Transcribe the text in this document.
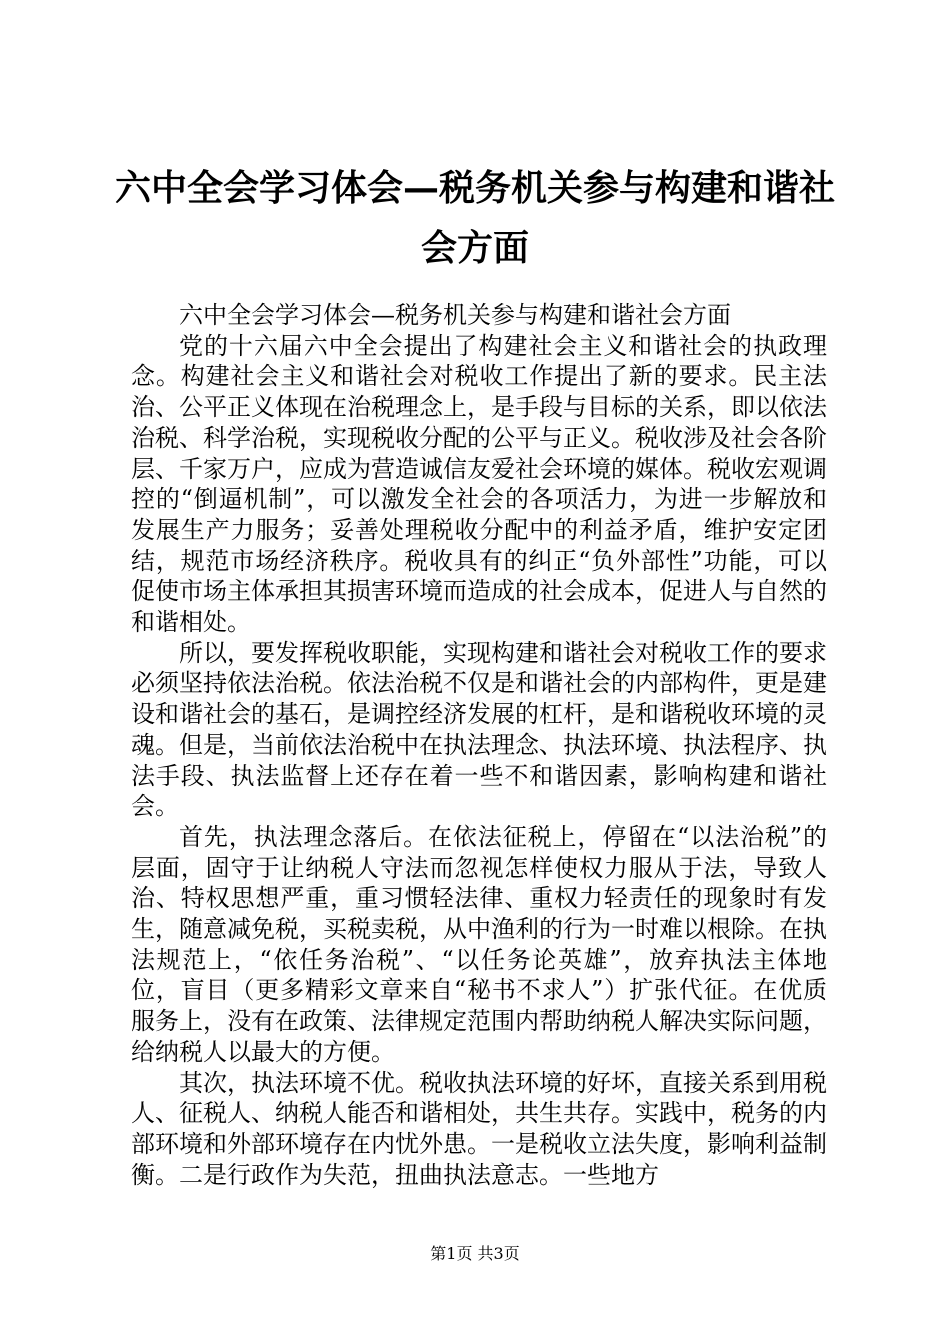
六中全会学习体会—税务机关参与构建和谐社会方面

六中全会学习体会—税务机关参与构建和谐社会方面

党的十六届六中全会提出了构建社会主义和谐社会的执政理念。构建社会主义和谐社会对税收工作提出了新的要求。民主法治、公平正义体现在治税理念上，是手段与目标的关系，即以依法治税、科学治税，实现税收分配的公平与正义。税收涉及社会各阶层、千家万户，应成为营造诚信友爱社会环境的媒体。税收宏观调控的“倒逼机制”，可以激发全社会的各项活力，为进一步解放和发展生产力服务；妥善处理税收分配中的利益矛盾，维护安定团结，规范市场经济秩序。税收具有的纠正“负外部性”功能，可以促使市场主体承担其损害环境而造成的社会成本，促进人与自然的和谐相处。

所以，要发挥税收职能，实现构建和谐社会对税收工作的要求必须坚持依法治税。依法治税不仅是和谐社会的内部构件，更是建设和谐社会的基石，是调控经济发展的杠杆，是和谐税收环境的灵魂。但是，当前依法治税中在执法理念、执法环境、执法程序、执法手段、执法监督上还存在着一些不和谐因素，影响构建和谐社会。

首先，执法理念落后。在依法征税上，停留在“以法治税”的层面，固守于让纳税人守法而忽视怎样使权力服从于法，导致人治、特权思想严重，重习惯轻法律、重权力轻责任的现象时有发生，随意减免税，买税卖税，从中渔利的行为一时难以根除。在执法规范上，“依任务治税”、“以任务论英雄”，放弃执法主体地位，盲目（更多精彩文章来自“秘书不求人”）扩张代征。在优质服务上，没有在政策、法律规定范围内帮助纳税人解决实际问题，给纳税人以最大的方便。

其次，执法环境不优。税收执法环境的好坏，直接关系到用税人、征税人、纳税人能否和谐相处，共生共存。实践中，税务的内部环境和外部环境存在内忧外患。一是税收立法失度，影响利益制衡。二是行政作为失范，扭曲执法意志。一些地方

第1页 共3页
